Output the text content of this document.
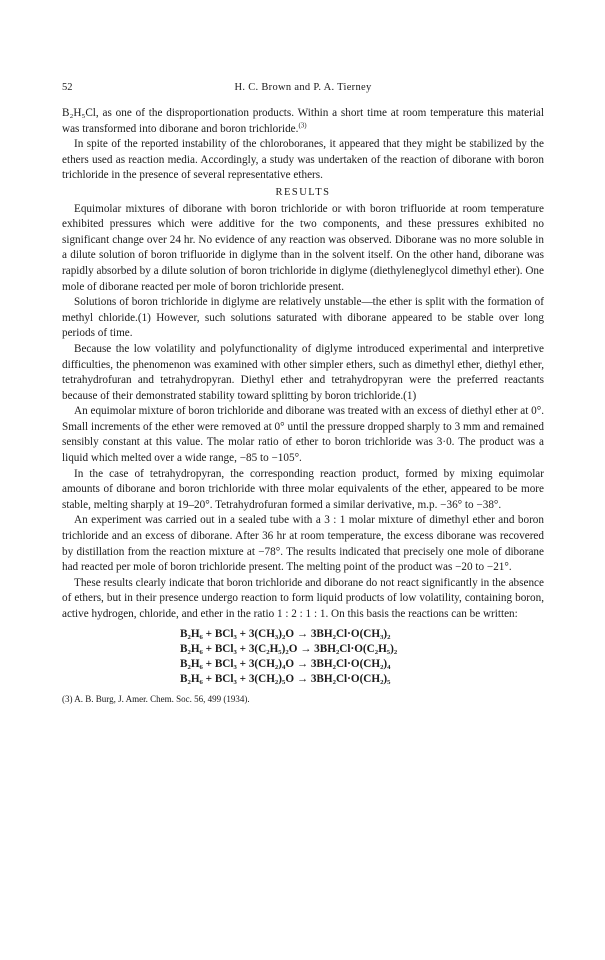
52	H. C. Brown and P. A. Tierney

B₂H₅Cl, as one of the disproportionation products. Within a short time at room temperature this material was transformed into diborane and boron trichloride.$^{(3)}$

In spite of the reported instability of the chloroboranes, it appeared that they might be stabilized by the ethers used as reaction media. Accordingly, a study was undertaken of the reaction of diborane with boron trichloride in the presence of several representative ethers.

RESULTS

Equimolar mixtures of diborane with boron trichloride or with boron trifluoride at room temperature exhibited pressures which were additive for the two components, and these pressures exhibited no significant change over 24 hr. No evidence of any reaction was observed. Diborane was no more soluble in a dilute solution of boron trifluoride in diglyme than in the solvent itself. On the other hand, diborane was rapidly absorbed by a dilute solution of boron trichloride in diglyme (diethyleneglycol dimethyl ether). One mole of diborane reacted per mole of boron trichloride present.

Solutions of boron trichloride in diglyme are relatively unstable—the ether is split with the formation of methyl chloride.(1) However, such solutions saturated with diborane appeared to be stable over long periods of time.

Because the low volatility and polyfunctionality of diglyme introduced experimental and interpretive difficulties, the phenomenon was examined with other simpler ethers, such as dimethyl ether, diethyl ether, tetrahydrofuran and tetrahydropyran. Diethyl ether and tetrahydropyran were the preferred reactants because of their demonstrated stability toward splitting by boron trichloride.(1)

An equimolar mixture of boron trichloride and diborane was treated with an excess of diethyl ether at 0°. Small increments of the ether were removed at 0° until the pressure dropped sharply to 3 mm and remained sensibly constant at this value. The molar ratio of ether to boron trichloride was 3·0. The product was a liquid which melted over a wide range, −85 to −105°.

In the case of tetrahydropyran, the corresponding reaction product, formed by mixing equimolar amounts of diborane and boron trichloride with three molar equivalents of the ether, appeared to be more stable, melting sharply at 19–20°. Tetrahydrofuran formed a similar derivative, m.p. −36° to −38°.

An experiment was carried out in a sealed tube with a 3 : 1 molar mixture of dimethyl ether and boron trichloride and an excess of diborane. After 36 hr at room temperature, the excess diborane was recovered by distillation from the reaction mixture at −78°. The results indicated that precisely one mole of diborane had reacted per mole of boron trichloride present. The melting point of the product was −20 to −21°.

These results clearly indicate that boron trichloride and diborane do not react significantly in the absence of ethers, but in their presence undergo reaction to form liquid products of low volatility, containing boron, active hydrogen, chloride, and ether in the ratio 1 : 2 : 1 : 1. On this basis the reactions can be written:

B₂H₆ + BCl₃ + 3(CH₃)₂O → 3BH₂Cl·O(CH₃)₂
B₂H₆ + BCl₃ + 3(C₂H₅)₂O → 3BH₂Cl·O(C₂H₅)₂
B₂H₆ + BCl₃ + 3(CH₂)₄O → 3BH₂Cl·O(CH₂)₄
B₂H₆ + BCl₃ + 3(CH₂)₅O → 3BH₂Cl·O(CH₂)₅
(3) A. B. Burg, J. Amer. Chem. Soc. 56, 499 (1934).
